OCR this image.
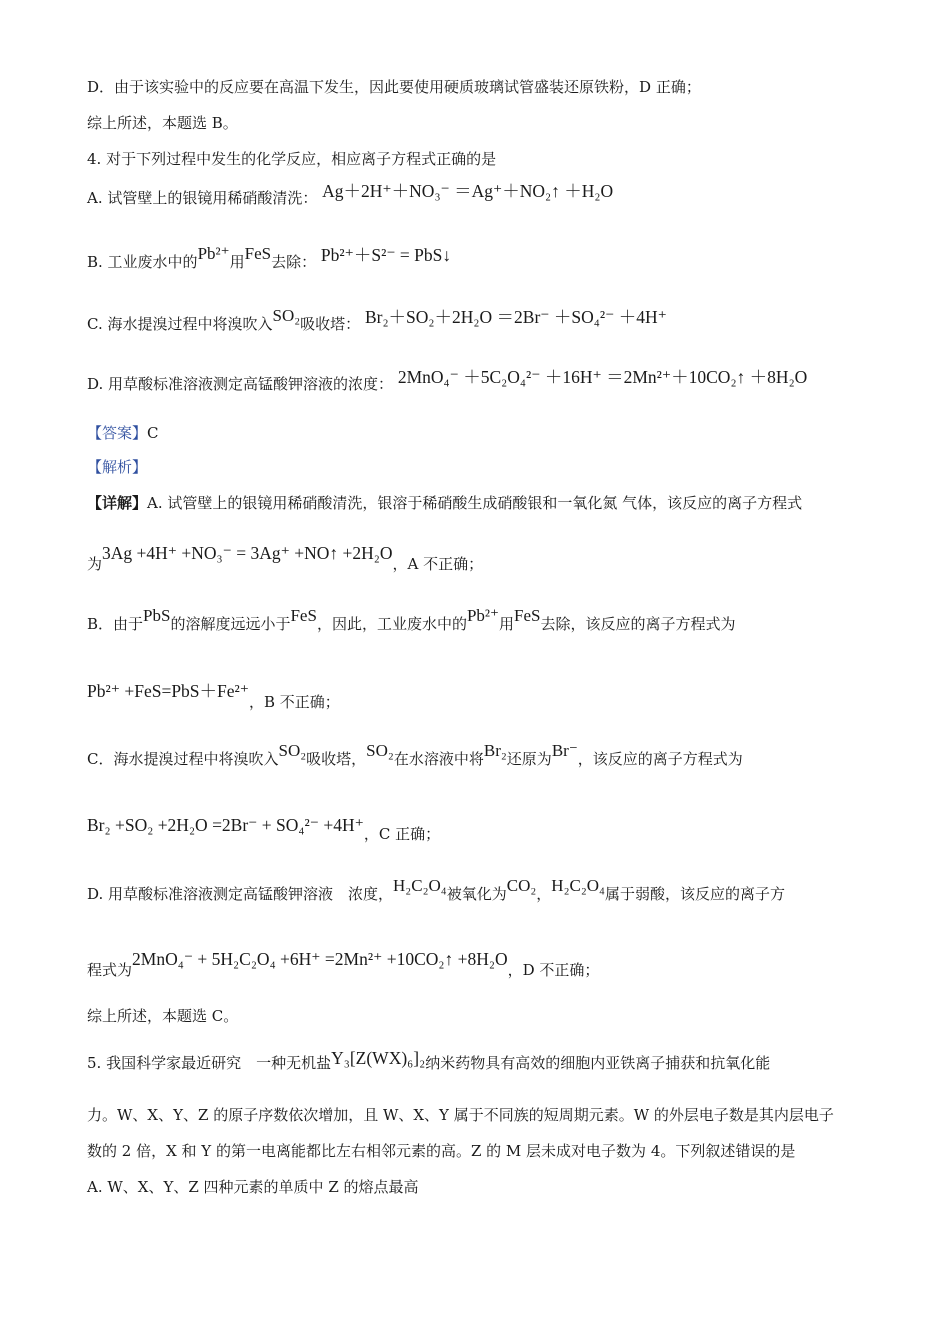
D．由于该实验中的反应要在高温下发生，因此要使用硬质玻璃试管盛装还原铁粉，D 正确；
综上所述，本题选 B。
4. 对于下列过程中发生的化学反应，相应离子方程式正确的是
A. 试管壁上的银镜用稀硝酸清洗： Ag＋2H⁺＋NO₃⁻ ＝Ag⁺＋NO₂↑ ＋H₂O
B. 工业废水中的Pb²⁺用FeS去除： Pb²⁺＋S²⁻ = PbS↓
C. 海水提溴过程中将溴吹入SO₂吸收塔： Br₂＋SO₂＋2H₂O ＝2Br⁻ ＋SO₄²⁻ ＋4H⁺
D. 用草酸标准溶液测定高锰酸钾溶液的浓度： 2MnO₄⁻ ＋5C₂O₄²⁻ ＋16H⁺ ＝2Mn²⁺＋10CO₂↑ ＋8H₂O
【答案】C
【解析】
【详解】A. 试管壁上的银镜用稀硝酸清洗，银溶于稀硝酸生成硝酸银和一氧化氮 气体，该反应的离子方程式
为3Ag +4H⁺ +NO₃⁻ = 3Ag⁺ +NO↑ +2H₂O，A 不正确；
B．由于PbS的溶解度远远小于FeS，因此，工业废水中的Pb²⁺用FeS去除，该反应的离子方程式为
Pb²⁺ +FeS=PbS＋Fe²⁺，B 不正确；
C．海水提溴过程中将溴吹入SO₂吸收塔，SO₂在水溶液中将Br₂还原为Br⁻，该反应的离子方程式为
Br₂ +SO₂ +2H₂O =2Br⁻ + SO₄²⁻ +4H⁺，C 正确；
D. 用草酸标准溶液测定高锰酸钾溶液　浓度，H₂C₂O₄被氧化为CO₂，H₂C₂O₄属于弱酸，该反应的离子方
程式为2MnO₄⁻ + 5H₂C₂O₄ +6H⁺ =2Mn²⁺ +10CO₂↑ +8H₂O，D 不正确；
综上所述，本题选 C。
5. 我国科学家最近研究　一种无机盐Y₃[Z(WX)₆]₂纳米药物具有高效的细胞内亚铁离子捕获和抗氧化能
力。W、X、Y、Z 的原子序数依次增加，且 W、X、Y 属于不同族的短周期元素。W 的外层电子数是其内层电子
数的 2 倍，X 和 Y 的第一电离能都比左右相邻元素的高。Z 的 M 层未成对电子数为 4。下列叙述错误的是
A. W、X、Y、Z 四种元素的单质中 Z 的熔点最高
